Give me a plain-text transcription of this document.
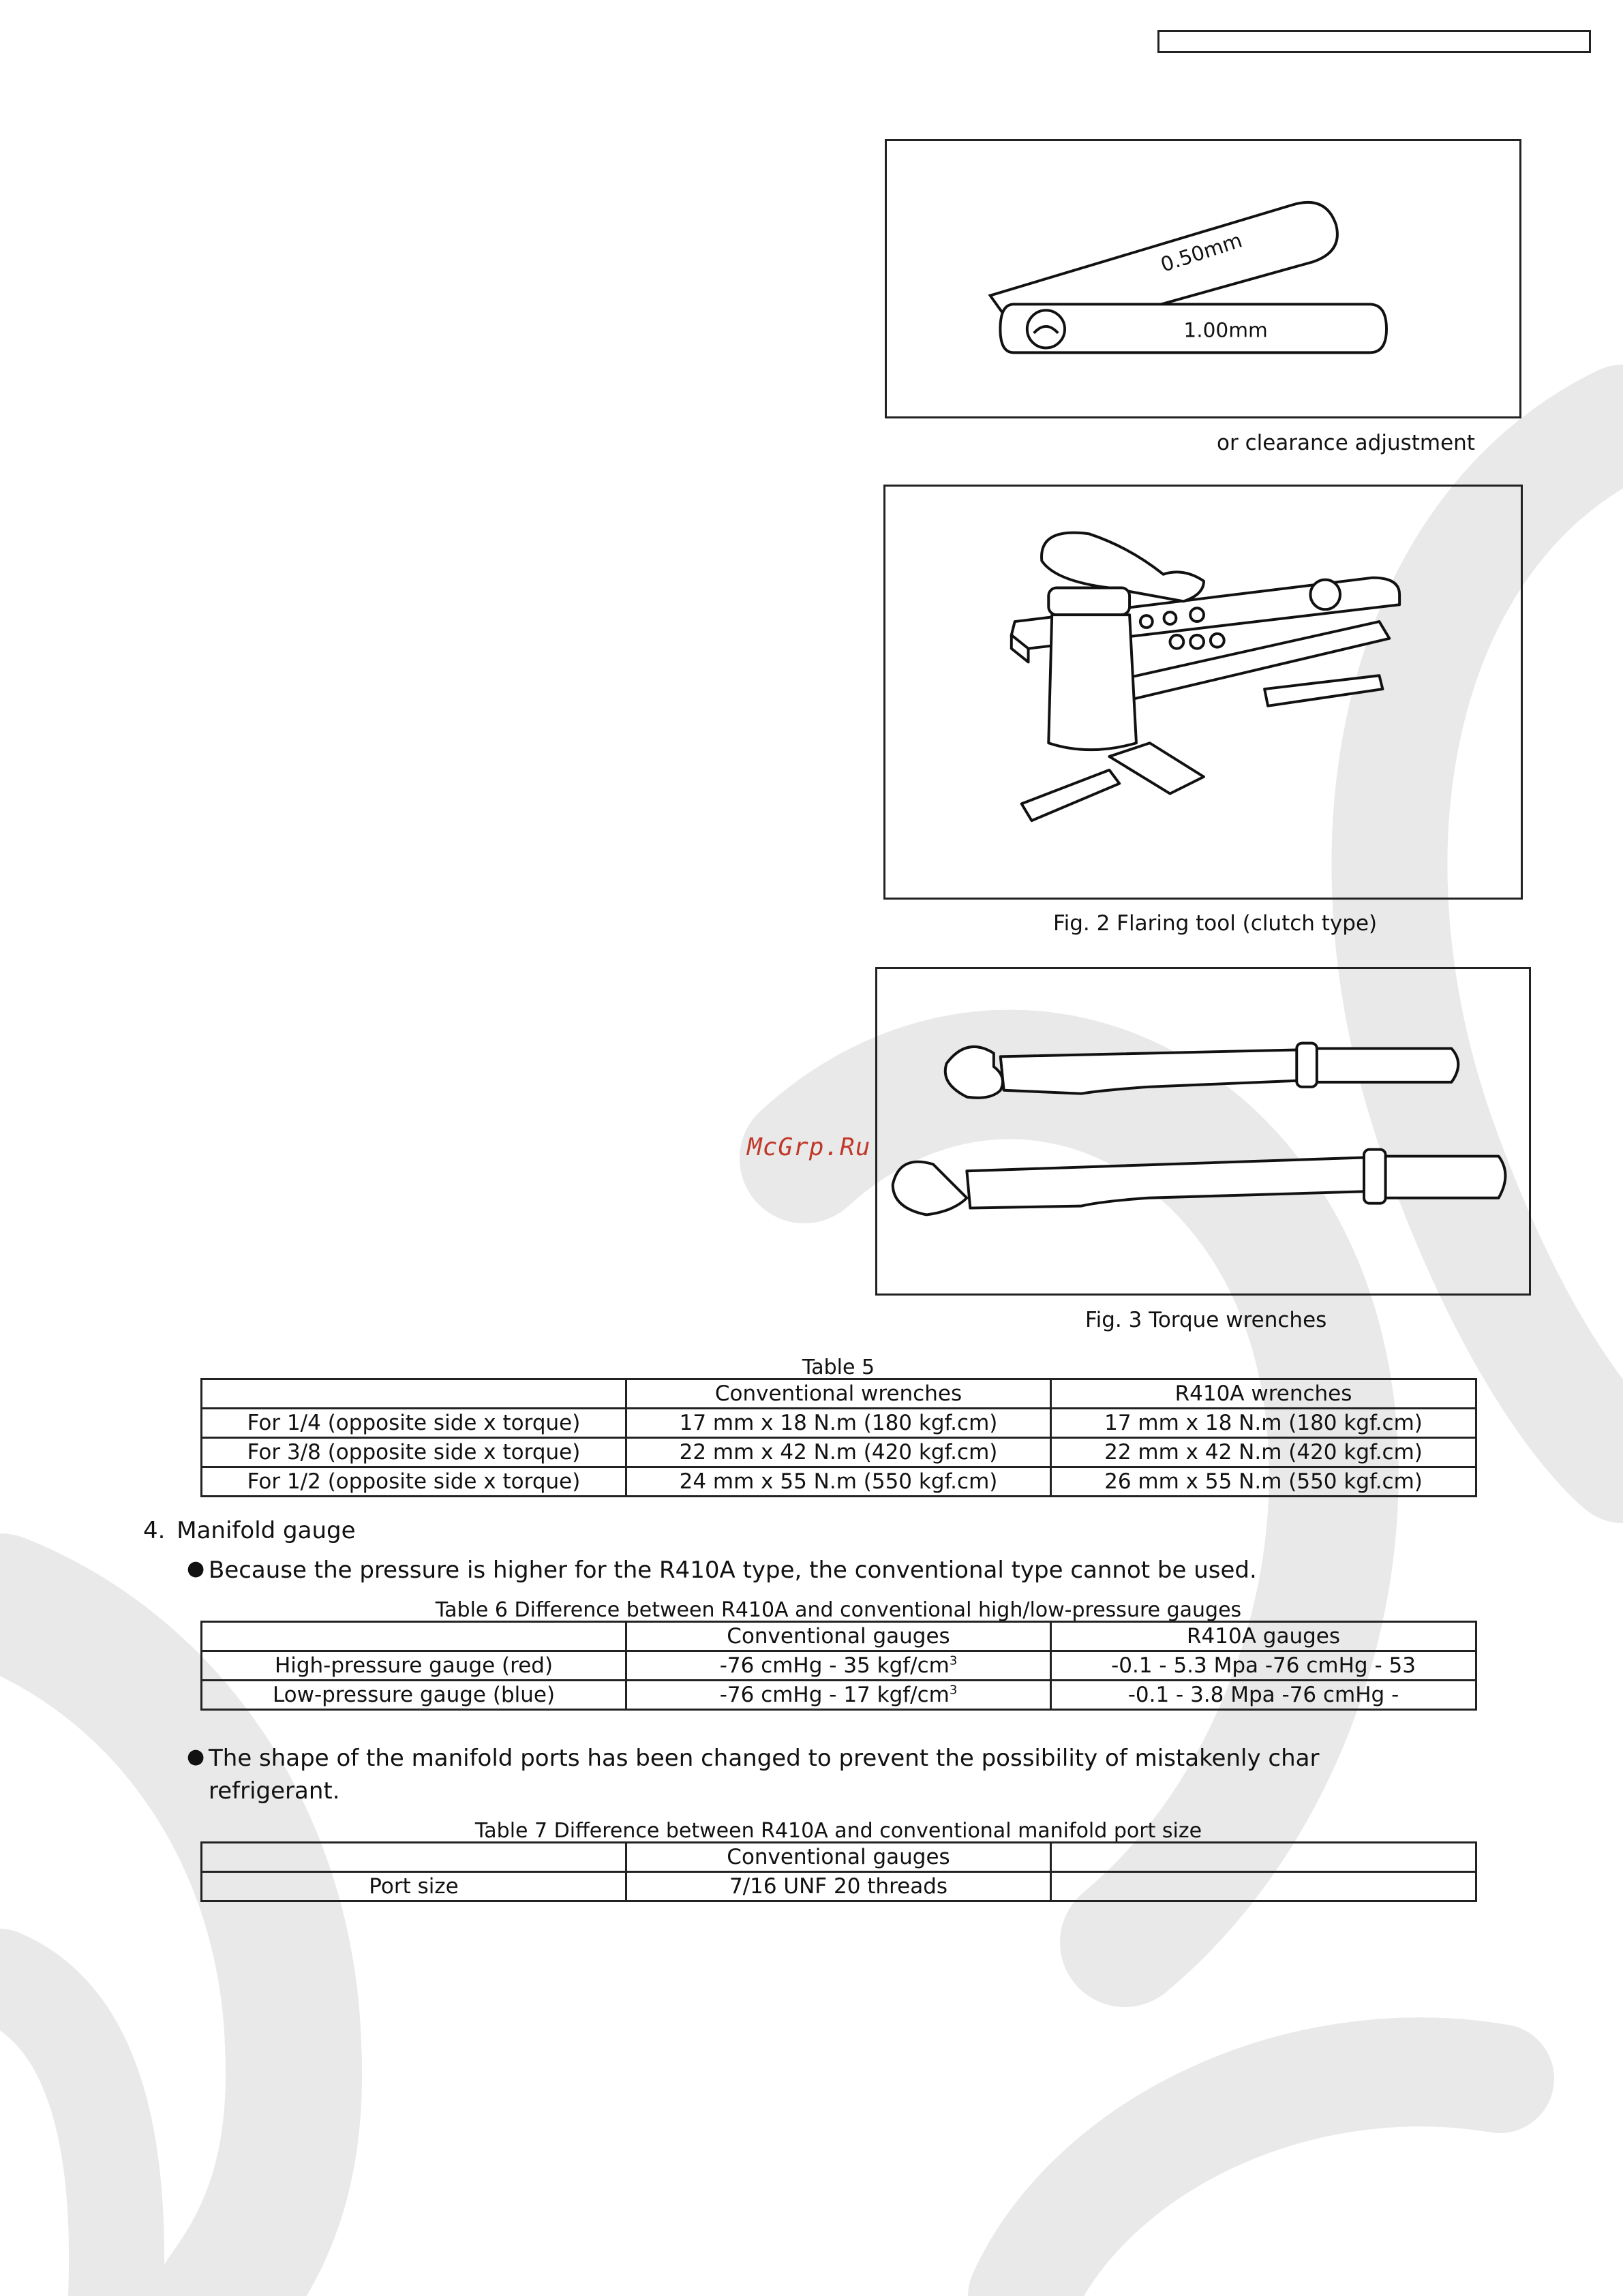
0.50mm
1.00mm
or clearance adjustment
Fig. 2 Flaring tool (clutch type)
Fig. 3 Torque wrenches
McGrp.Ru
Table 5
	Conventional wrenches	R410A wrenches
For 1/4 (opposite side x torque)	17 mm x 18 N.m (180 kgf.cm)	17 mm x 18 N.m (180 kgf.cm)
For 3/8 (opposite side x torque)	22 mm x 42 N.m (420 kgf.cm)	22 mm x 42 N.m (420 kgf.cm)
For 1/2 (opposite side x torque)	24 mm x 55 N.m (550 kgf.cm)	26 mm x 55 N.m (550 kgf.cm)
4. Manifold gauge
● Because the pressure is higher for the R410A type, the conventional type cannot be used.
Table 6 Difference between R410A and conventional high/low-pressure gauges
	Conventional gauges	R410A gauges
High-pressure gauge (red)	-76 cmHg - 35 kgf/$cm^3$	-0.1 - 5.3 Mpa -76 cmHg - 53
Low-pressure gauge (blue)	-76 cmHg - 17 kgf/$cm^3$	-0.1 - 3.8 Mpa -76 cmHg -
● The shape of the manifold ports has been changed to prevent the possibility of mistakenly char
refrigerant.
Table 7 Difference between R410A and conventional manifold port size
	Conventional gauges	
Port size	7/16 UNF 20 threads	
